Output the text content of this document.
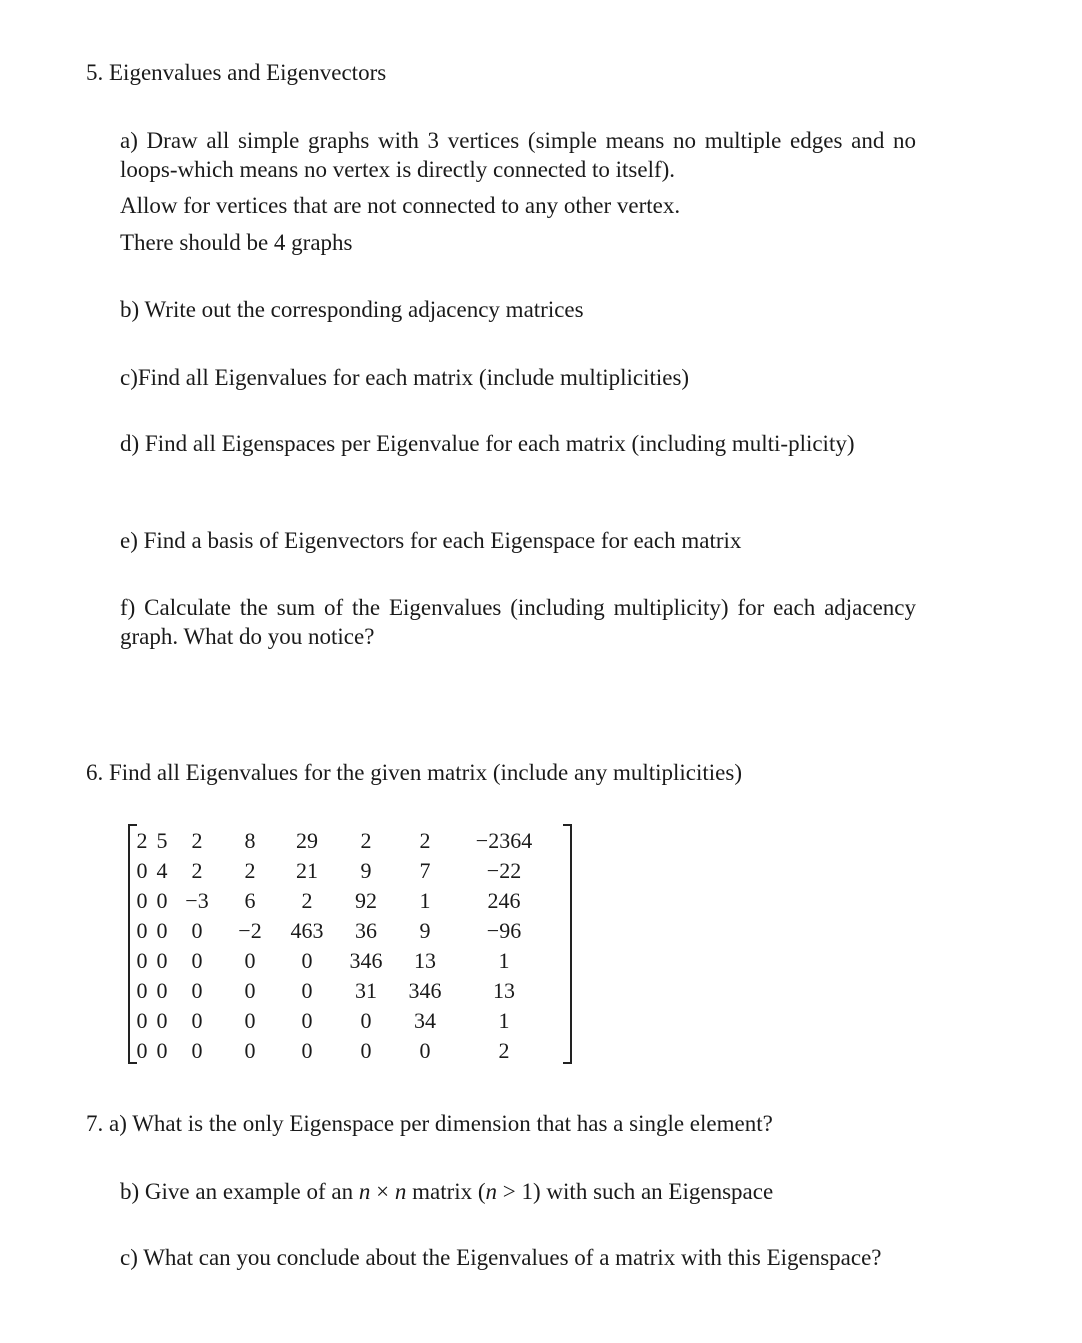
5. Eigenvalues and Eigenvectors
a) Draw all simple graphs with 3 vertices (simple means no multiple edges and no loops-which means no vertex is directly connected to itself).
Allow for vertices that are not connected to any other vertex.
There should be 4 graphs
b) Write out the corresponding adjacency matrices
c)Find all Eigenvalues for each matrix (include multiplicities)
d) Find all Eigenspaces per Eigenvalue for each matrix (including multi-plicity)
e) Find a basis of Eigenvectors for each Eigenspace for each matrix
f) Calculate the sum of the Eigenvalues (including multiplicity) for each adjacency graph. What do you notice?
6. Find all Eigenvalues for the given matrix (include any multiplicities)
2	5	2	8	29	2	2	−2364
0	4	2	2	21	9	7	−22
0	0	−3	6	2	92	1	246
0	0	0	−2	463	36	9	−96
0	0	0	0	0	346	13	1
0	0	0	0	0	31	346	13
0	0	0	0	0	0	34	1
0	0	0	0	0	0	0	2
7. a) What is the only Eigenspace per dimension that has a single element?
b) Give an example of an n × n matrix (n > 1) with such an Eigenspace
c) What can you conclude about the Eigenvalues of a matrix with this Eigenspace?
